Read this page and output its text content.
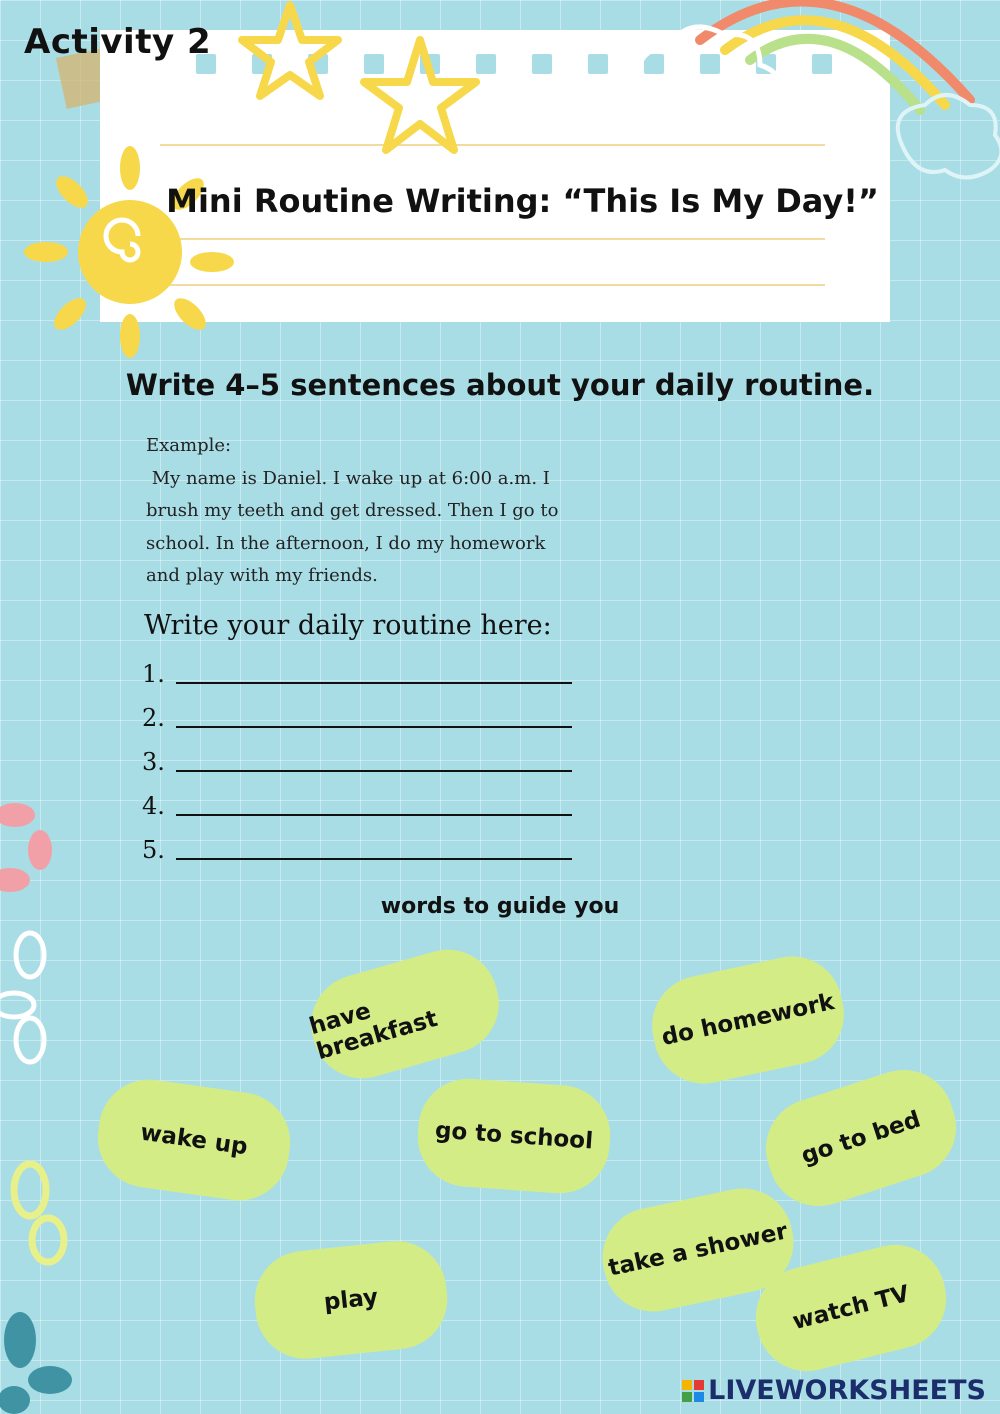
Activity 2
Mini Routine Writing: “This Is My Day!”
Write 4–5 sentences about your daily routine.
Example:
My name is Daniel. I wake up at 6:00 a.m. I
brush my teeth and get dressed. Then I go to
school. In the afternoon, I do my homework
and play with my friends.
Write your daily routine here:
1.
2.
3.
4.
5.
words to guide you
have breakfast	do homework
wake up	go to school	go to bed
take a shower
play	watch TV
LIVEWORKSHEETS
